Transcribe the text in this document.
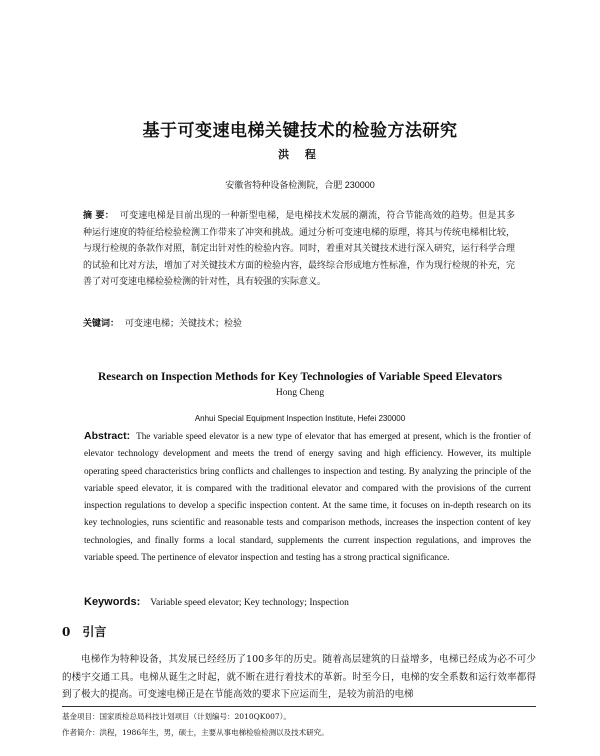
基于可变速电梯关键技术的检验方法研究
洪 程
安徽省特种设备检测院，合肥 230000
摘 要： 可变速电梯是目前出现的一种新型电梯，是电梯技术发展的潮流，符合节能高效的趋势。但是其多种运行速度的特征给检验检测工作带来了冲突和挑战。通过分析可变速电梯的原理，将其与传统电梯相比较，与现行检规的条款作对照，制定出针对性的检验内容。同时，着重对其关键技术进行深入研究，运行科学合理的试验和比对方法，增加了对关键技术方面的检验内容，最终综合形成地方性标准，作为现行检规的补充，完善了对可变速电梯检验检测的针对性，具有较强的实际意义。
关键词： 可变速电梯；关键技术；检验
Research on Inspection Methods for Key Technologies of Variable Speed Elevators
Hong Cheng
Anhui Special Equipment Inspection Institute, Hefei 230000
Abstract: The variable speed elevator is a new type of elevator that has emerged at present, which is the frontier of elevator technology development and meets the trend of energy saving and high efficiency. However, its multiple operating speed characteristics bring conflicts and challenges to inspection and testing. By analyzing the principle of the variable speed elevator, it is compared with the traditional elevator and compared with the provisions of the current inspection regulations to develop a specific inspection content. At the same time, it focuses on in-depth research on its key technologies, runs scientific and reasonable tests and comparison methods, increases the inspection content of key technologies, and finally forms a local standard, supplements the current inspection regulations, and improves the variable speed. The pertinence of elevator inspection and testing has a strong practical significance.
Keywords: Variable speed elevator; Key technology; Inspection
0 引言
电梯作为特种设备，其发展已经经历了100多年的历史。随着高层建筑的日益增多，电梯已经成为必不可少的楼宇交通工具。电梯从诞生之时起，就不断在进行着技术的革新。时至今日，电梯的安全系数和运行效率都得到了极大的提高。可变速电梯正是在节能高效的要求下应运而生，是较为前沿的电梯
基金项目：国家质检总局科技计划项目（计划编号：2010QK007）。
作者简介：洪程，1986年生，男，硕士，主要从事电梯检验检测以及技术研究。
